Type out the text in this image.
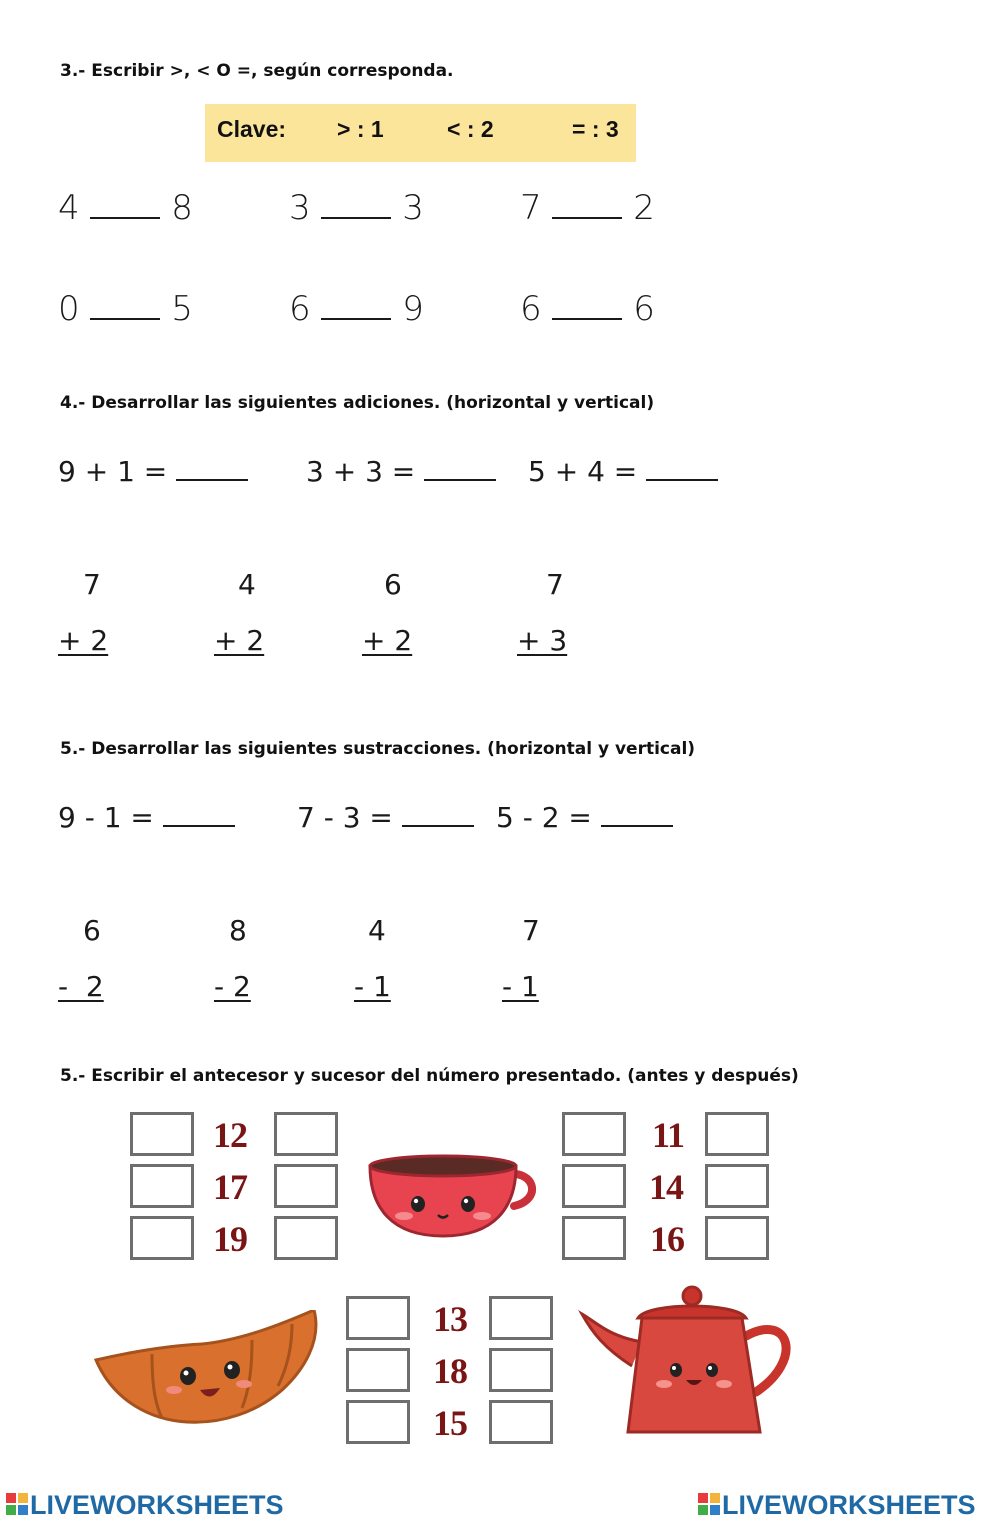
3.- Escribir >, < O =, según corresponda.
Clave: > : 1	< : 2	= : 3
4	8	3	3	7	2
0	5	6	9	6	6
4.- Desarrollar las siguientes adiciones. (horizontal y vertical)
9 + 1 =	3 + 3 =	5 + 4 =
7
+ 2
4
+ 2
6
+ 2
7
+ 3
5.- Desarrollar las siguientes sustracciones. (horizontal y vertical)
9 - 1 =	7 - 3 =	5 - 2 =
6
-  2
8
- 2
4
- 1
7
- 1
5.- Escribir el antecesor y sucesor del número presentado. (antes y después)
12
17
19
11
14
16
13
18
15
LIVEWORKSHEETS	LIVEWORKSHEETS
